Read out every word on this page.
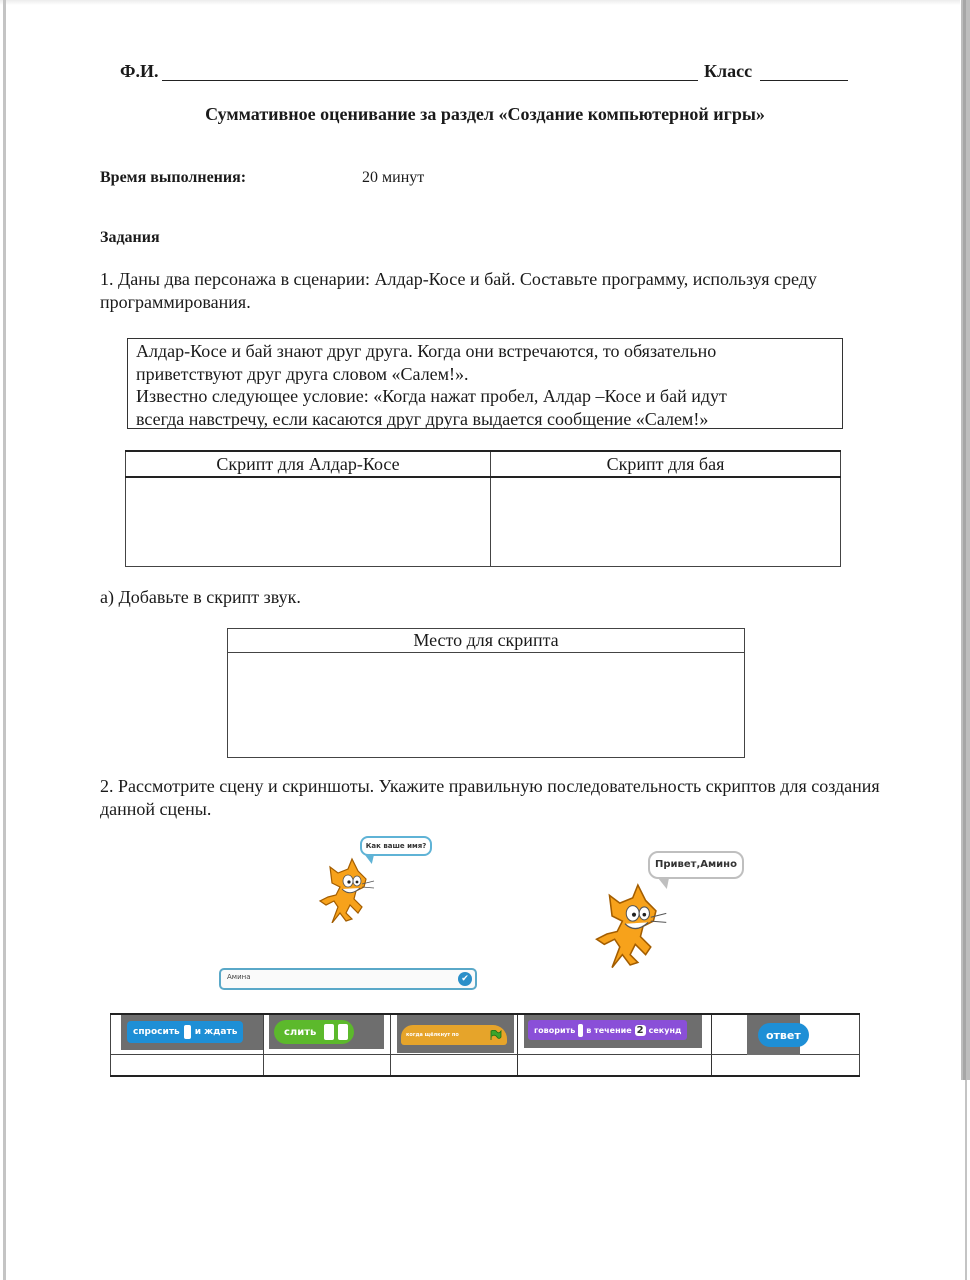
Ф.И.	Класс
Суммативное оценивание за раздел «Создание компьютерной игры»
Время выполнения:	20 минут
Задания
1. Даны два персонажа в сценарии: Алдар-Косе и бай. Составьте программу, используя среду программирования.
Алдар-Косе и бай знают друг друга. Когда они встречаются, то обязательно
приветствуют друг друга словом «Салем!».
Известно следующее условие: «Когда нажат пробел, Алдар –Косе и бай идут
всегда навстречу, если касаются друг друга выдается сообщение «Салем!»
Скрипт для Алдар-Косе	Скрипт для бая

а) Добавьте в скрипт звук.
Место для скрипта

2. Рассмотрите сцену и скриншоты. Укажите правильную последовательность скриптов для создания данной сцены.
Как ваше имя?
Амина	✔
Привет,Амино
спросить и ждать	слить	когда щёлкнут по	говорить в течение 2 секунд	ответ
